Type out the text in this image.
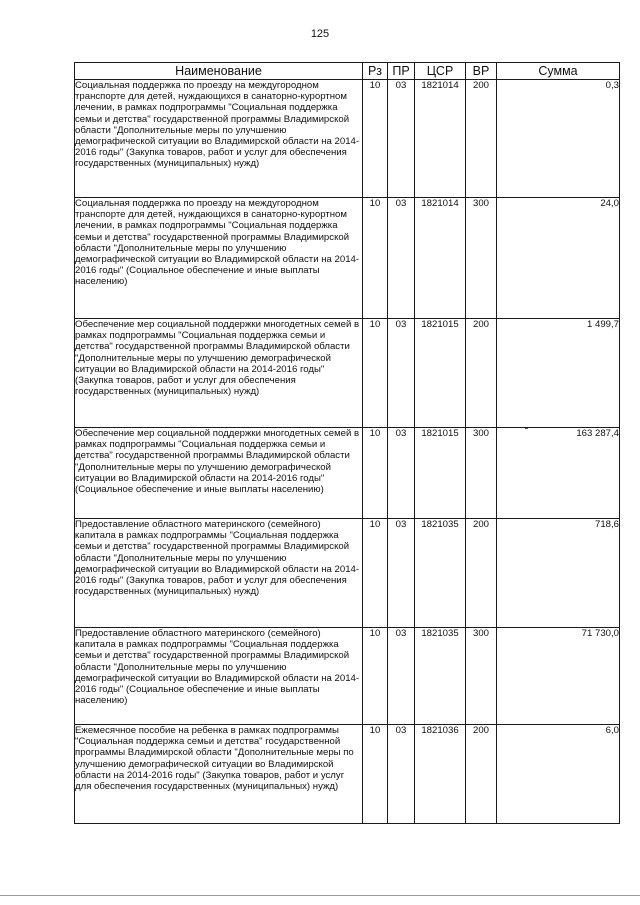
125
Наименование	Рз	ПР	ЦСР	ВР	Сумма
Социальная поддержка по проезду на междугородном транспорте для детей, нуждающихся в санаторно-курортном лечении, в рамках подпрограммы "Социальная поддержка семьи и детства" государственной программы Владимирской области "Дополнительные меры по улучшению демографической ситуации во Владимирской области на 2014-2016 годы" (Закупка товаров, работ и услуг для обеспечения государственных (муниципальных) нужд)	10	03	1821014	200	0,3
Социальная поддержка по проезду на междугородном транспорте для детей, нуждающихся в санаторно-курортном лечении, в рамках подпрограммы "Социальная поддержка семьи и детства" государственной программы Владимирской области "Дополнительные меры по улучшению демографической ситуации во Владимирской области на 2014-2016 годы" (Социальное обеспечение и иные выплаты населению)	10	03	1821014	300	24,0
Обеспечение мер социальной поддержки многодетных семей в рамках подпрограммы "Социальная поддержка семьи и детства" государственной программы Владимирской области "Дополнительные меры по улучшению демографической ситуации во Владимирской области на 2014-2016 годы" (Закупка товаров, работ и услуг для обеспечения государственных (муниципальных) нужд)	10	03	1821015	200	1 499,7
Обеспечение мер социальной поддержки многодетных семей в рамках подпрограммы "Социальная поддержка семьи и детства" государственной программы Владимирской области "Дополнительные меры по улучшению демографической ситуации во Владимирской области на 2014-2016 годы" (Социальное обеспечение и иные выплаты населению)	10	03	1821015	300	163 287,4
Предоставление областного материнского (семейного) капитала в рамках подпрограммы "Социальная поддержка семьи и детства" государственной программы Владимирской области "Дополнительные меры по улучшению демографической ситуации во Владимирской области на 2014-2016 годы" (Закупка товаров, работ и услуг для обеспечения государственных (муниципальных) нужд)	10	03	1821035	200	718,6
Предоставление областного материнского (семейного) капитала в рамках подпрограммы "Социальная поддержка семьи и детства" государственной программы Владимирской области "Дополнительные меры по улучшению демографической ситуации во Владимирской области на 2014-2016 годы" (Социальное обеспечение и иные выплаты населению)	10	03	1821035	300	71 730,0
Ежемесячное пособие на ребенка в рамках подпрограммы "Социальная поддержка семьи и детства" государственной программы Владимирской области "Дополнительные меры по улучшению демографической ситуации во Владимирской области на 2014-2016 годы" (Закупка товаров, работ и услуг для обеспечения государственных (муниципальных) нужд)	10	03	1821036	200	6,0
